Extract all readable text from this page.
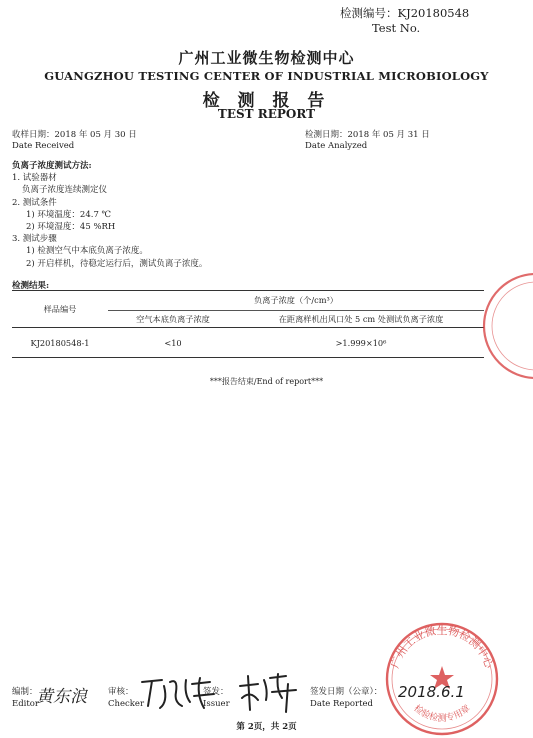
检测编号：KJ20180548
Test No.
广州工业微生物检测中心
GUANGZHOU TESTING CENTER OF INDUSTRIAL MICROBIOLOGY
检 测 报 告
TEST REPORT
收样日期：2018 年 05 月 30 日
Date Received
检测日期：2018 年 05 月 31 日
Date Analyzed
负离子浓度测试方法:
1. 试验器材
负离子浓度连续测定仪
2. 测试条件
1) 环境温度：24.7 ℃
2) 环境湿度：45 %RH
3. 测试步骤
1) 检测空气中本底负离子浓度。
2) 开启样机，待稳定运行后，测试负离子浓度。
检测结果:
样品编号	负离子浓度（个/cm³）	
	空气本底负离子浓度	在距离样机出风口处 5 cm 处测试负离子浓度
KJ20180548-1	<10	>1.999×10⁶
***报告结束/End of report***
广州工业微生物检测中心
检验检测专用章
编制：
Editor
黄东浪 审核：
Checker
签发：
Issuer
签发日期（公章）：
Date Reported
2018.6.1
第 2页，共 2页
